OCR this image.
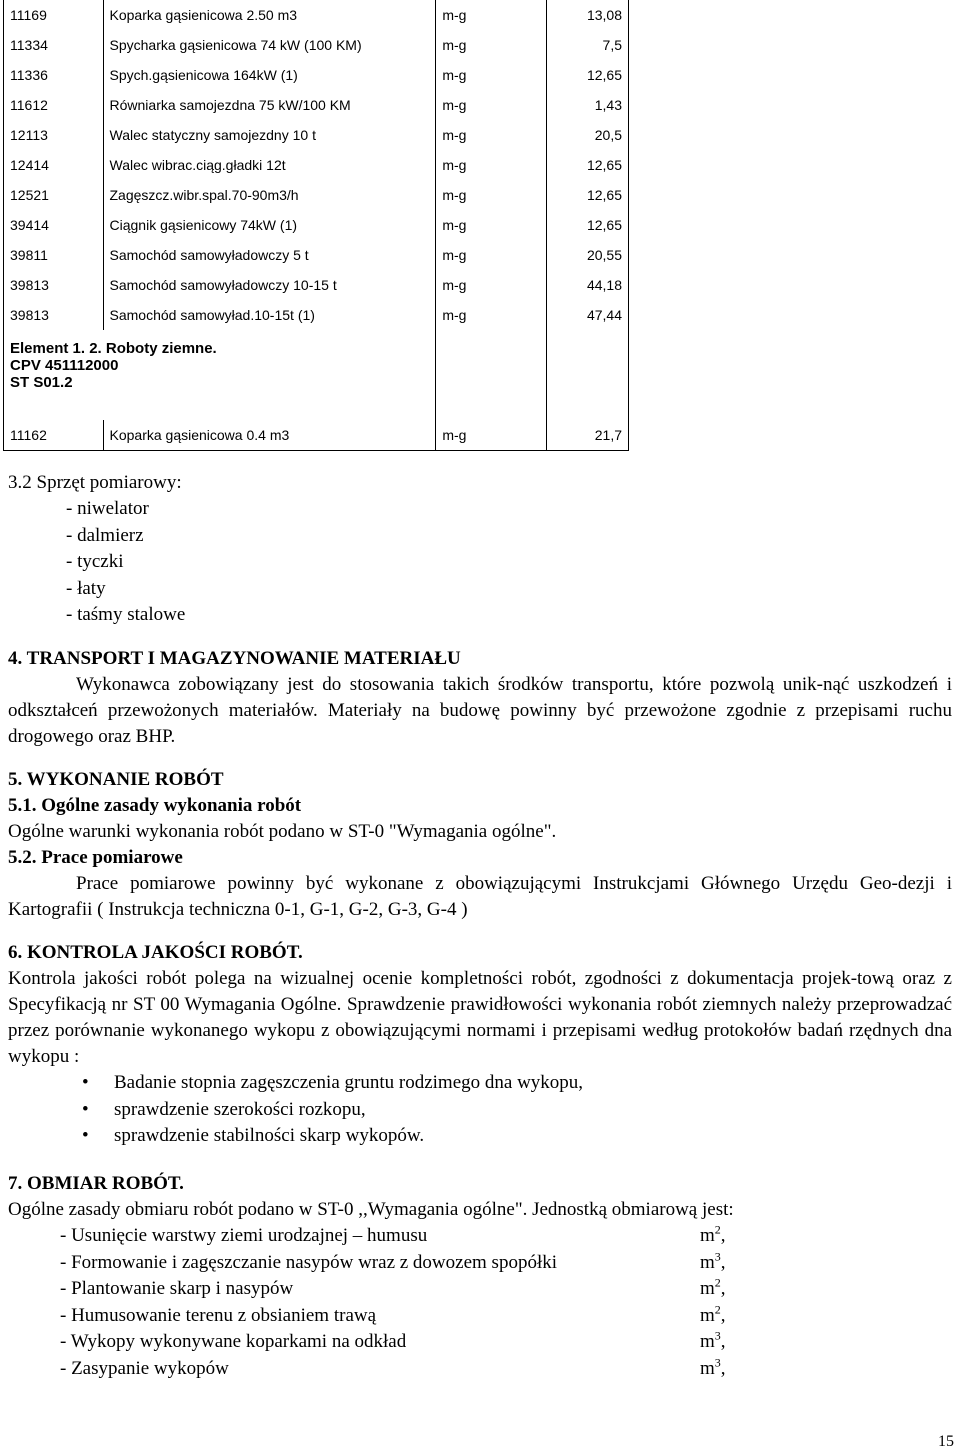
11169	Koparka gąsienicowa 2.50 m3	m-g	13,08
11334	Spycharka gąsienicowa 74 kW (100 KM)	m-g	7,5
11336	Spych.gąsienicowa 164kW (1)	m-g	12,65
11612	Równiarka samojezdna 75 kW/100 KM	m-g	1,43
12113	Walec statyczny samojezdny 10 t	m-g	20,5
12414	Walec wibrac.ciąg.gładki 12t	m-g	12,65
12521	Zagęszcz.wibr.spal.70-90m3/h	m-g	12,65
39414	Ciągnik gąsienicowy 74kW (1)	m-g	12,65
39811	Samochód samowyładowczy 5 t	m-g	20,55
39813	Samochód samowyładowczy 10-15 t	m-g	44,18
39813	Samochód samowyład.10-15t (1)	m-g	47,44

Element 1. 2. Roboty ziemne.
CPV 451112000
ST S01.2			

11162	Koparka gąsienicowa 0.4 m3	m-g	21,7

3.2 Sprzęt pomiarowy:

- niwelator
- dalmierz
- tyczki
- łaty
- taśmy stalowe

4. TRANSPORT I MAGAZYNOWANIE MATERIAŁU

Wykonawca zobowiązany jest do stosowania takich środków transportu, które pozwolą unik-nąć uszkodzeń i odkształceń przewożonych materiałów. Materiały na budowę powinny być przewożone zgodnie z przepisami ruchu drogowego oraz BHP.

5. WYKONANIE ROBÓT

5.1. Ogólne zasady wykonania robót

Ogólne warunki wykonania robót podano w ST-0 "Wymagania ogólne".

5.2. Prace pomiarowe

Prace pomiarowe powinny być wykonane z obowiązującymi Instrukcjami Głównego Urzędu Geo-dezji i Kartografii ( Instrukcja techniczna 0-1, G-1, G-2, G-3, G-4 )

6. KONTROLA JAKOŚCI ROBÓT.

Kontrola jakości robót polega na wizualnej ocenie kompletności robót, zgodności z dokumentacja projek-tową oraz z Specyfikacją nr ST 00 Wymagania Ogólne. Sprawdzenie prawidłowości wykonania robót ziemnych należy przeprowadzać przez porównanie wykonanego wykopu z obowiązującymi normami i przepisami według protokołów badań rzędnych dna wykopu :

• Badanie stopnia zagęszczenia gruntu rodzimego dna wykopu,
• sprawdzenie szerokości rozkopu,
• sprawdzenie stabilności skarp wykopów.

7. OBMIAR ROBÓT.

Ogólne zasady obmiaru robót podano w ST-0 ,,Wymagania ogólne". Jednostką obmiarową jest:

- Usunięcie warstwy ziemi urodzajnej – humusu	$m^2$,
- Formowanie i zagęszczanie nasypów wraz z dowozem spopółki	$m^3$,
- Plantowanie skarp i nasypów	$m^2$,
- Humusowanie terenu z obsianiem trawą	$m^2$,
- Wykopy wykonywane koparkami na odkład	$m^3$,
- Zasypanie wykopów	$m^3$,
15
